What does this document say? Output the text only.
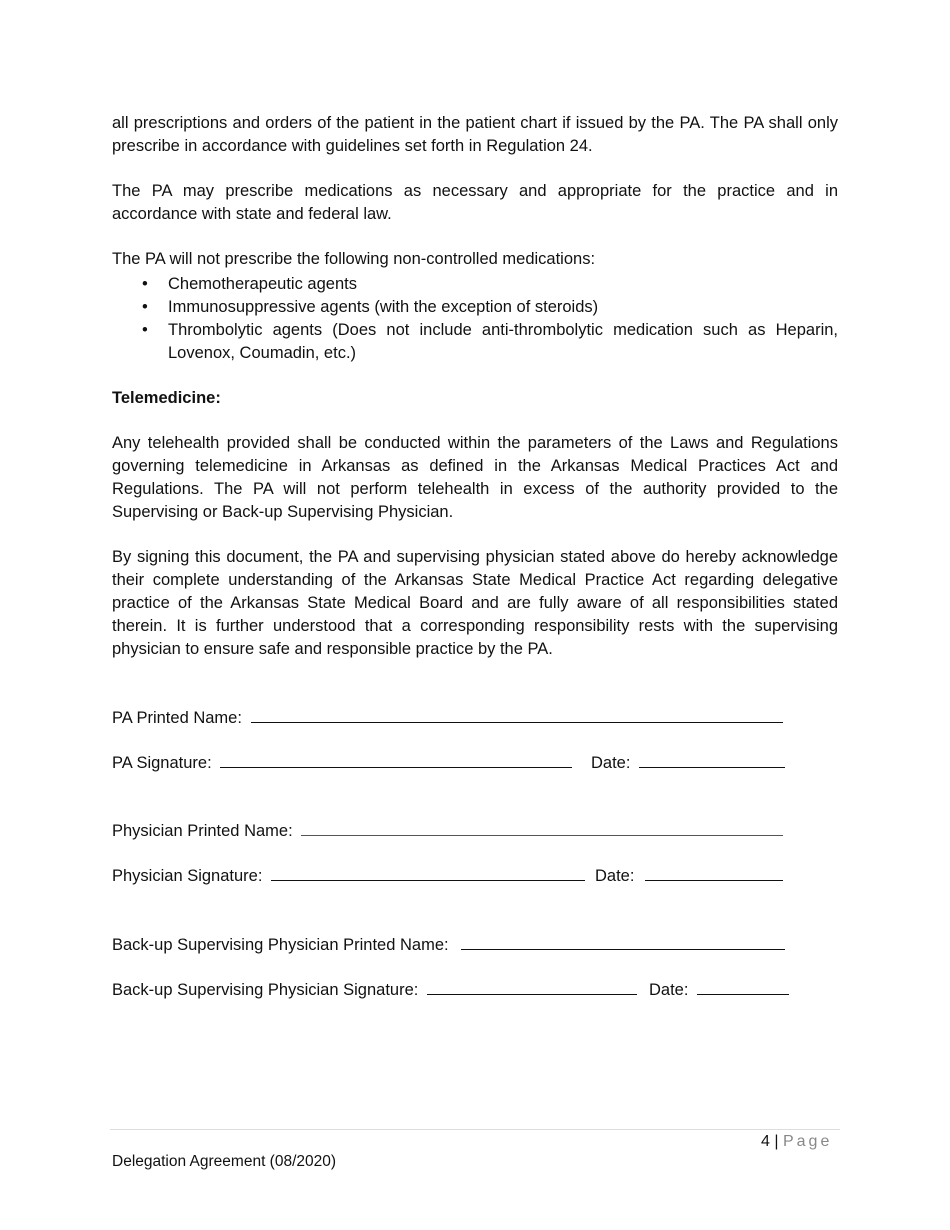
all prescriptions and orders of the patient in the patient chart if issued by the PA. The PA shall only prescribe in accordance with guidelines set forth in Regulation 24.

The PA may prescribe medications as necessary and appropriate for the practice and in accordance with state and federal law.

The PA will not prescribe the following non-controlled medications:

• Chemotherapeutic agents
• Immunosuppressive agents (with the exception of steroids)
• Thrombolytic agents (Does not include anti-thrombolytic medication such as Heparin, Lovenox, Coumadin, etc.)

Telemedicine:

Any telehealth provided shall be conducted within the parameters of the Laws and Regulations governing telemedicine in Arkansas as defined in the Arkansas Medical Practices Act and Regulations. The PA will not perform telehealth in excess of the authority provided to the Supervising or Back-up Supervising Physician.

By signing this document, the PA and supervising physician stated above do hereby acknowledge their complete understanding of the Arkansas State Medical Practice Act regarding delegative practice of the Arkansas State Medical Board and are fully aware of all responsibilities stated therein. It is further understood that a corresponding responsibility rests with the supervising physician to ensure safe and responsible practice by the PA.

PA Printed Name:
PA Signature:	Date:
Physician Printed Name:
Physician Signature:	Date:
Back-up Supervising Physician Printed Name:
Back-up Supervising Physician Signature:	Date:
4 | Page
Delegation Agreement (08/2020)
